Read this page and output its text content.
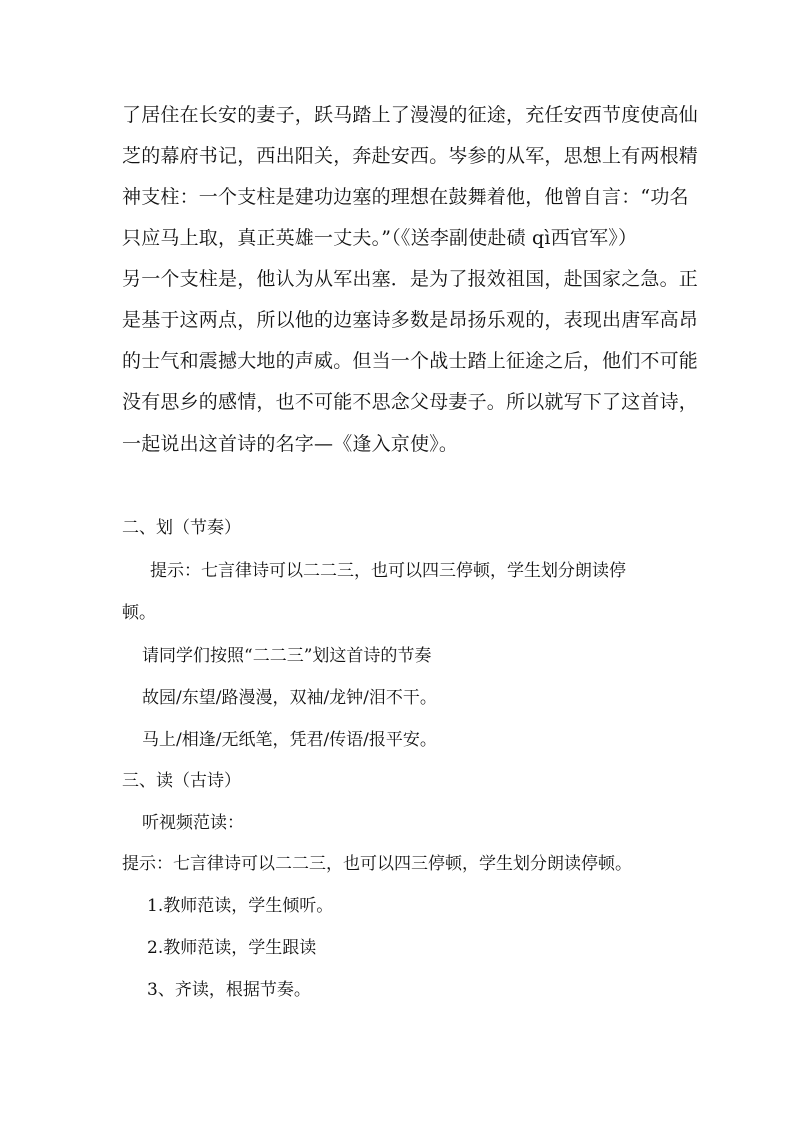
了居住在长安的妻子，跃马踏上了漫漫的征途，充任安西节度使高仙
芝的幕府书记，西出阳关，奔赴安西。岑参的从军，思想上有两根精
神支柱：一个支柱是建功边塞的理想在鼓舞着他，他曾自言：“功名
只应马上取，真正英雄一丈夫。”（《送李副使赴碛 qì西官军》）
另一个支柱是，他认为从军出塞．是为了报效祖国，赴国家之急。正
是基于这两点，所以他的边塞诗多数是昂扬乐观的，表现出唐军高昂
的士气和震撼大地的声威。但当一个战士踏上征途之后，他们不可能
没有思乡的感情，也不可能不思念父母妻子。所以就写下了这首诗，
一起说出这首诗的名字—《逢入京使》。
二、划（节奏）
提示：七言律诗可以二二三，也可以四三停顿，学生划分朗读停
顿。
请同学们按照“二二三”划这首诗的节奏
故园/东望/路漫漫，双袖/龙钟/泪不干。
马上/相逢/无纸笔，凭君/传语/报平安。
三、读（古诗）
听视频范读：
提示：七言律诗可以二二三，也可以四三停顿，学生划分朗读停顿。
1.教师范读，学生倾听。
2.教师范读，学生跟读
3、齐读，根据节奏。
